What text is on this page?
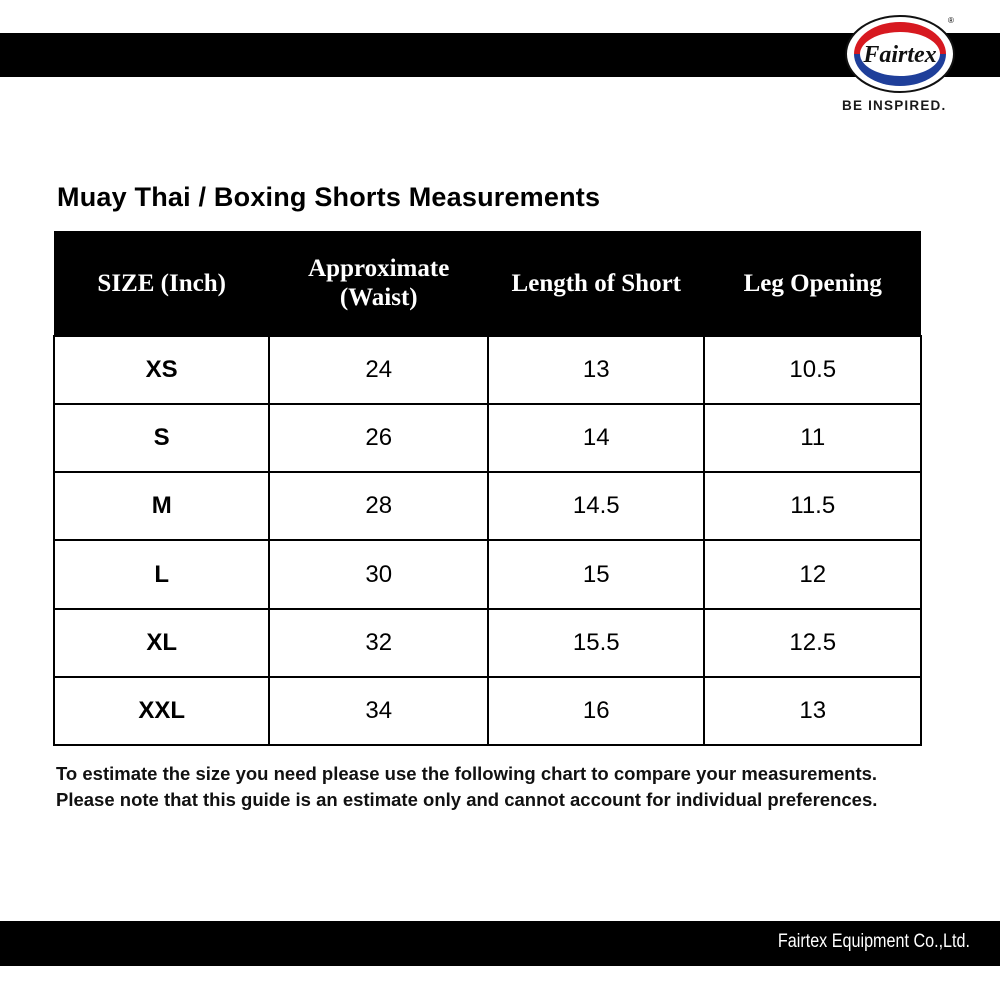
Fairtex
®
BE INSPIRED.
Muay Thai / Boxing Shorts Measurements
SIZE (Inch)	Approximate (Waist)	Length of Short	Leg Opening
XS	24	13	10.5
S	26	14	11
M	28	14.5	11.5
L	30	15	12
XL	32	15.5	12.5
XXL	34	16	13
To estimate the size you need please use the following chart to compare your measurements.
Please note that this guide is an estimate only and cannot account for individual preferences.
Fairtex Equipment Co.,Ltd.
